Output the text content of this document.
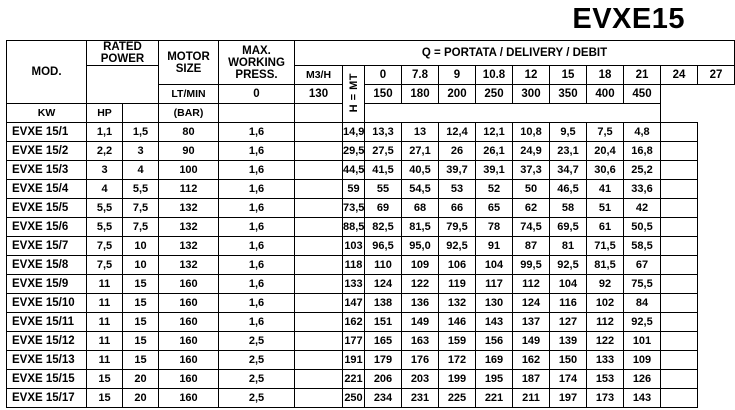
EVXE15
MOD.	RATED POWER		MOTOR SIZE	MAX. WORKING PRESS.	Q = PORTATA / DELIVERY / DEBIT											
					M3/H	H = MT	0	7.8	9	10.8	12	15	18	21	24	27
			LT/MIN	0	130		150	180	200	250	300	350	400	450		
KW	HP		(BAR)													
EVXE 15/1	1,1	1,5	80	1,6		14,9	13,3	13	12,4	12,1	10,8	9,5	7,5	4,8		
EVXE 15/2	2,2	3	90	1,6		29,5	27,5	27,1	26	26,1	24,9	23,1	20,4	16,8		
EVXE 15/3	3	4	100	1,6		44,5	41,5	40,5	39,7	39,1	37,3	34,7	30,6	25,2		
EVXE 15/4	4	5,5	112	1,6		59	55	54,5	53	52	50	46,5	41	33,6		
EVXE 15/5	5,5	7,5	132	1,6		73,5	69	68	66	65	62	58	51	42		
EVXE 15/6	5,5	7,5	132	1,6		88,5	82,5	81,5	79,5	78	74,5	69,5	61	50,5		
EVXE 15/7	7,5	10	132	1,6		103	96,5	95,0	92,5	91	87	81	71,5	58,5		
EVXE 15/8	7,5	10	132	1,6		118	110	109	106	104	99,5	92,5	81,5	67		
EVXE 15/9	11	15	160	1,6		133	124	122	119	117	112	104	92	75,5		
EVXE 15/10	11	15	160	1,6		147	138	136	132	130	124	116	102	84		
EVXE 15/11	11	15	160	1,6		162	151	149	146	143	137	127	112	92,5		
EVXE 15/12	11	15	160	2,5		177	165	163	159	156	149	139	122	101		
EVXE 15/13	11	15	160	2,5		191	179	176	172	169	162	150	133	109		
EVXE 15/15	15	20	160	2,5		221	206	203	199	195	187	174	153	126		
EVXE 15/17	15	20	160	2,5		250	234	231	225	221	211	197	173	143		
